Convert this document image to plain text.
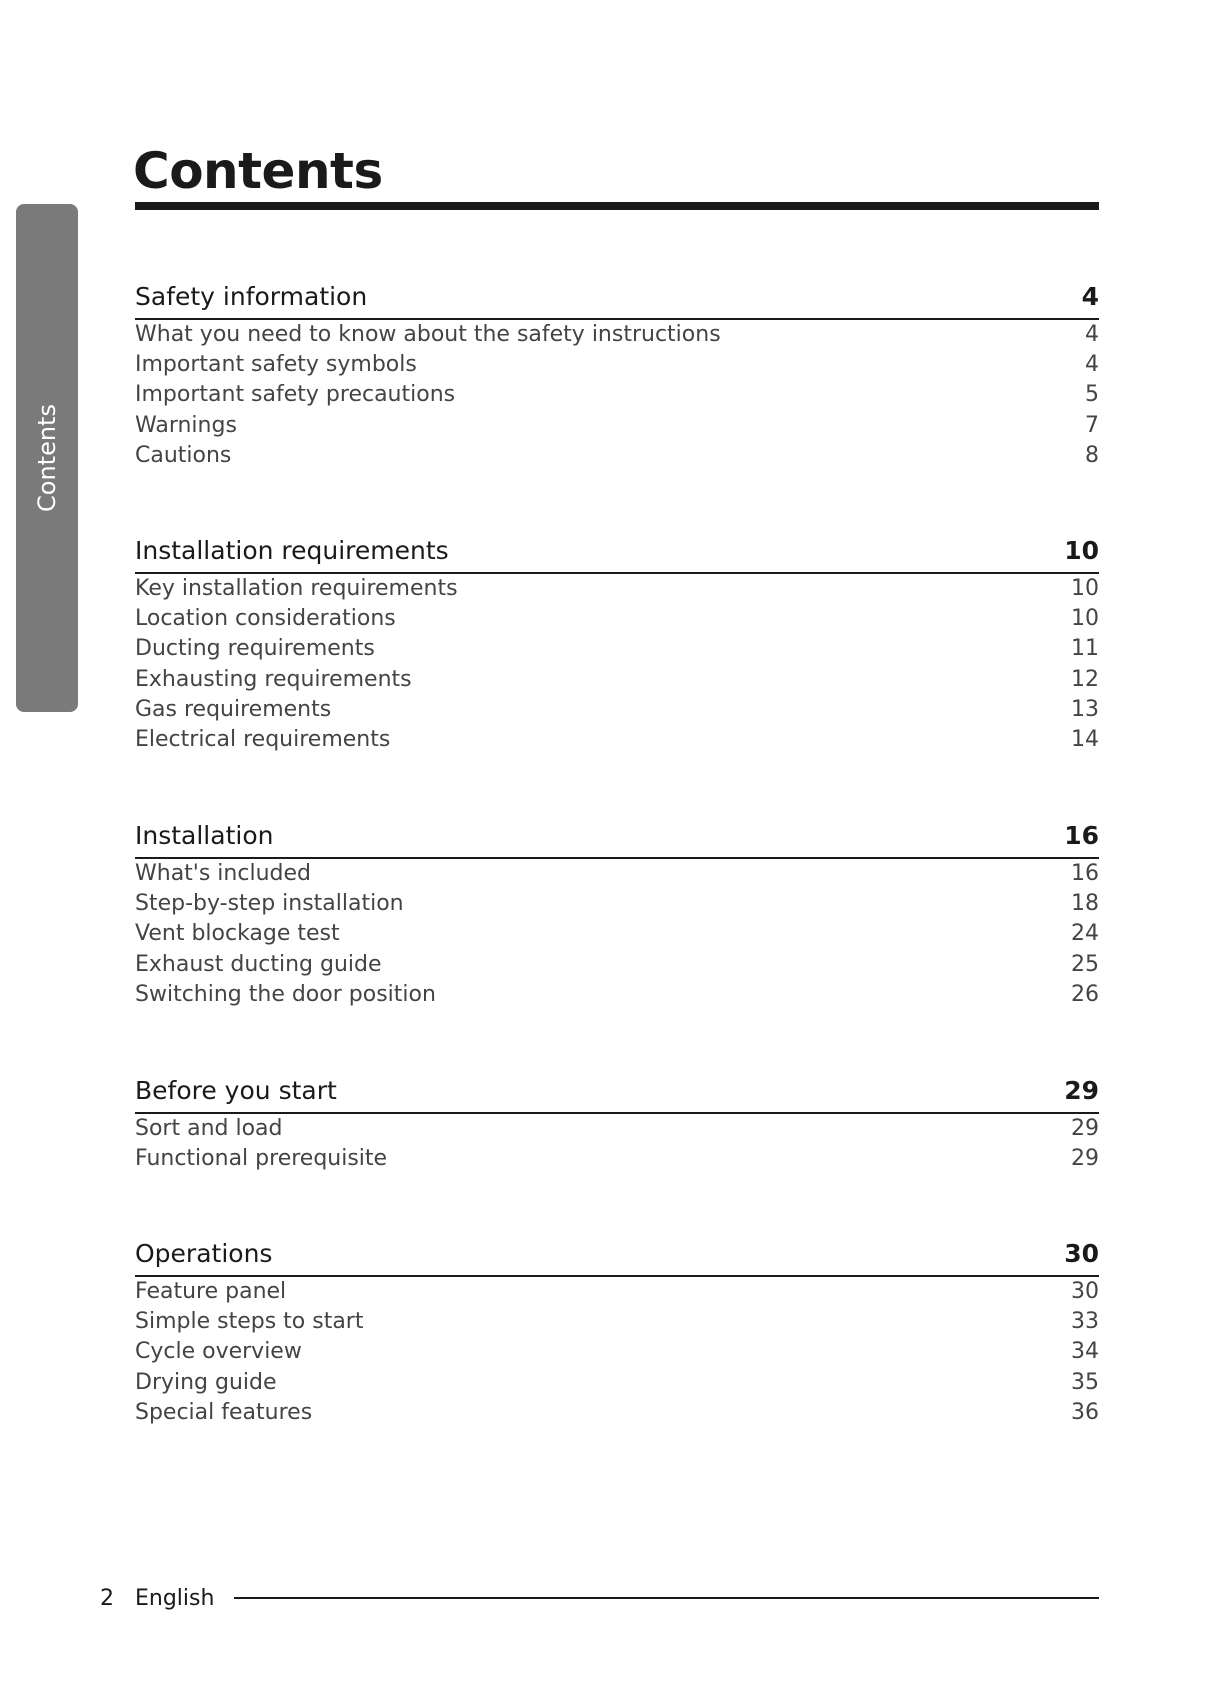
Contents
Contents
Safety information	4
What you need to know about the safety instructions	4
Important safety symbols	4
Important safety precautions	5
Warnings	7
Cautions	8
Installation requirements	10
Key installation requirements	10
Location considerations	10
Ducting requirements	11
Exhausting requirements	12
Gas requirements	13
Electrical requirements	14
Installation	16
What's included	16
Step-by-step installation	18
Vent blockage test	24
Exhaust ducting guide	25
Switching the door position	26
Before you start	29
Sort and load	29
Functional prerequisite	29
Operations	30
Feature panel	30
Simple steps to start	33
Cycle overview	34
Drying guide	35
Special features	36
2 English
